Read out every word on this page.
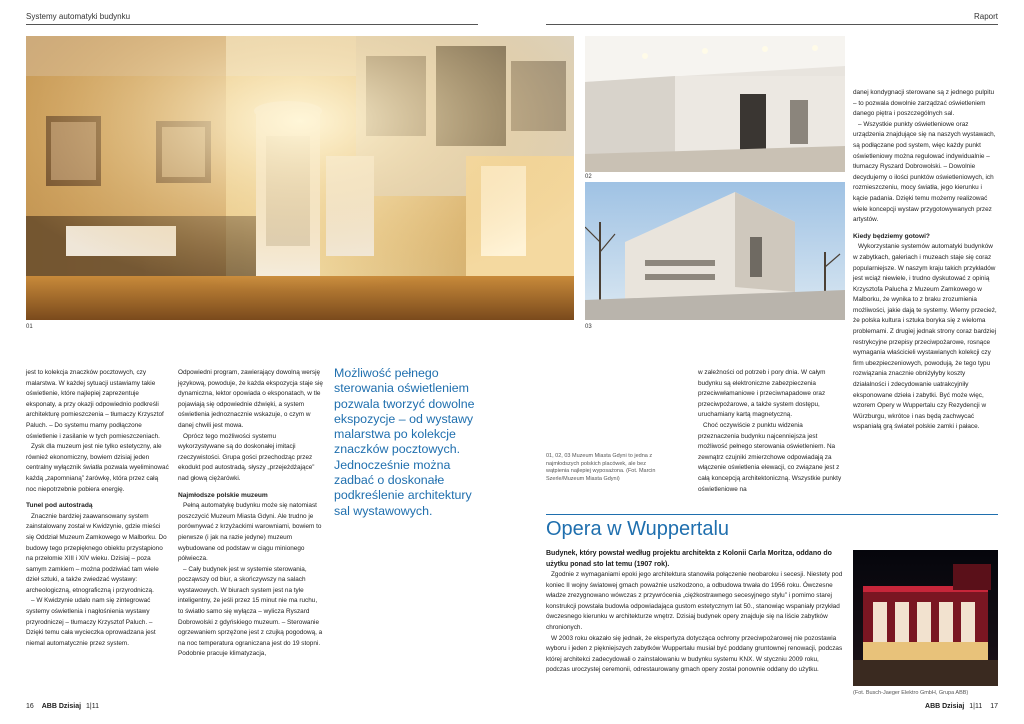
Systemy automatyki budynku	Raport
01
02
03

jest to kolekcja znaczków pocztowych, czy malarstwa. W każdej sytuacji ustawiamy takie oświetlenie, które najlepiej zaprezentuje eksponaty, a przy okazji odpowiednio podkreśli architekturę pomieszczenia – tłumaczy Krzysztof Paluch. – Do systemu mamy podłączone oświetlenie i zasilanie w tych pomieszczeniach.

Zysk dla muzeum jest nie tylko estetyczny, ale również ekonomiczny, bowiem dzisiaj jeden centralny wyłącznik światła pozwala wyeliminować każdą „zapomnianą” żarówkę, która przez całą noc niepotrzebnie pobiera energię.

Tunel pod autostradą

Znacznie bardziej zaawansowany system zainstalowany został w Kwidzynie, gdzie mieści się Oddział Muzeum Zamkowego w Malborku. Do budowy tego przepięknego obiektu przystąpiono na przełomie XIII i XIV wieku. Dzisiaj – poza samym zamkiem – można podziwiać tam wiele dzieł sztuki, a także zwiedzać wystawy: archeologiczną, etnograficzną i przyrodniczą.

– W Kwidzynie udało nam się zintegrować systemy oświetlenia i nagłośnienia wystawy przyrodniczej – tłumaczy Krzysztof Paluch. – Dzięki temu cała wycieczka oprowadzana jest niemal automatycznie przez system.

Odpowiedni program, zawierający dowolną wersję językową, powoduje, że każda ekspozycja staje się dynamiczna, lektor opowiada o eksponatach, w tle pojawiają się odpowiednie dźwięki, a system oświetlenia jednoznacznie wskazuje, o czym w danej chwili jest mowa.

Oprócz tego możliwości systemu wykorzystywane są do doskonałej imitacji rzeczywistości. Grupa gości przechodząc przez ekodukt pod autostradą, słyszy „przejeżdżające” nad głową ciężarówki.

Najmłodsze polskie muzeum

Pełną automatykę budynku może się natomiast poszczycić Muzeum Miasta Gdyni. Ale trudno je porównywać z krzyżackimi warowniami, bowiem to pierwsze (i jak na razie jedyne) muzeum wybudowane od podstaw w ciągu minionego półwiecza.

– Cały budynek jest w systemie sterowania, począwszy od biur, a skończywszy na salach wystawowych. W biurach system jest na tyle inteligentny, że jeśli przez 15 minut nie ma ruchu, to światło samo się wyłącza – wylicza Ryszard Dobrowolski z gdyńskiego muzeum. – Sterowanie ogrzewaniem sprzężone jest z czujką pogodową, a na noc temperatura ograniczana jest do 19 stopni. Podobnie pracuje klimatyzacja,

Możliwość pełnego sterowania oświetleniem pozwala tworzyć dowolne ekspozycje – od wystawy malarstwa po kolekcje znaczków pocztowych. Jednocześnie można zadbać o doskonałe podkreślenie architektury sal wystawowych.
01, 02, 03 Muzeum Miasta Gdyni to jedna z najmłodszych polskich placówek, ale bez wątpienia najlepiej wyposażona. (Fot. Marcin Szerle/Muzeum Miasta Gdyni)

w zależności od potrzeb i pory dnia. W całym budynku są elektroniczne zabezpieczenia przeciwwłamaniowe i przeciwnapadowe oraz przeciwpożarowe, a także system dostępu, uruchamiany kartą magnetyczną.

Choć oczywiście z punktu widzenia przeznaczenia budynku najcenniejsza jest możliwość pełnego sterowania oświetleniem. Na zewnątrz czujniki zmierzchowe odpowiadają za włączenie oświetlenia elewacji, co związane jest z całą koncepcją architektoniczną. Wszystkie punkty oświetleniowe na

danej kondygnacji sterowane są z jednego pulpitu – to pozwala dowolnie zarządzać oświetleniem danego piętra i poszczególnych sal.

– Wszystkie punkty oświetleniowe oraz urządzenia znajdujące się na naszych wystawach, są podłączane pod system, więc każdy punkt oświetleniowy można regulować indywidualnie – tłumaczy Ryszard Dobrowolski. – Dowolnie decydujemy o ilości punktów oświetleniowych, ich rozmieszczeniu, mocy światła, jego kierunku i kącie padania. Dzięki temu możemy realizować wiele koncepcji wystaw przygotowywanych przez artystów.

Kiedy będziemy gotowi?

Wykorzystanie systemów automatyki budynków w zabytkach, galeriach i muzeach staje się coraz popularniejsze. W naszym kraju takich przykładów jest wciąż niewiele, i trudno dyskutować z opinią Krzysztofa Palucha z Muzeum Zamkowego w Malborku, że wynika to z braku zrozumienia możliwości, jakie dają te systemy. Wiemy przecież, że polska kultura i sztuka boryka się z wieloma problemami. Z drugiej jednak strony coraz bardziej restrykcyjne przepisy przeciwpożarowe, rosnące wymagania właścicieli wystawianych kolekcji czy firm ubezpieczeniowych, powodują, że tego typu rozwiązania znacznie obniżyłyby koszty działalności i zdecydowanie uatrakcyjniły eksponowane dzieła i zabytki. Być może więc, wzorem Opery w Wuppertalu czy Rezydencji w Würzburgu, wkrótce i nas będą zachwycać wspaniałą grą świateł polskie zamki i pałace.

Opera w Wuppertalu
Budynek, który powstał według projektu architekta z Kolonii Carla Moritza, oddano do użytku ponad sto lat temu (1907 rok).

Zgodnie z wymaganiami epoki jego architektura stanowiła połączenie neobaroku i secesji. Niestety pod koniec II wojny światowej gmach poważnie uszkodzono, a odbudowa trwała do 1956 roku. Ówczesne władze zrezygnowano wówczas z przywrócenia „ciężkostrawnego secesyjnego stylu” i pomimo starej konstrukcji powstała budowla odpowiadająca gustom estetycznym lat 50., stanowiąc wspaniały przykład ówczesnego kierunku w architekturze wnętrz. Dzisiaj budynek opery znajduje się na liście zabytków chronionych.

W 2003 roku okazało się jednak, że ekspertyza dotycząca ochrony przeciwpożarowej nie pozostawia wyboru i jeden z piękniejszych zabytków Wuppertalu musiał być poddany gruntownej renowacji, podczas której architekci zadecydowali o zainstalowaniu w budynku systemu KNX. W styczniu 2009 roku, podczas uroczystej ceremonii, odrestaurowany gmach opery został ponownie oddany do użytku.

(Fot. Busch-Jaeger Elektro GmbH, Grupa ABB)
16 ABB Dzisiaj 1|11	ABB Dzisiaj 1|11 17
